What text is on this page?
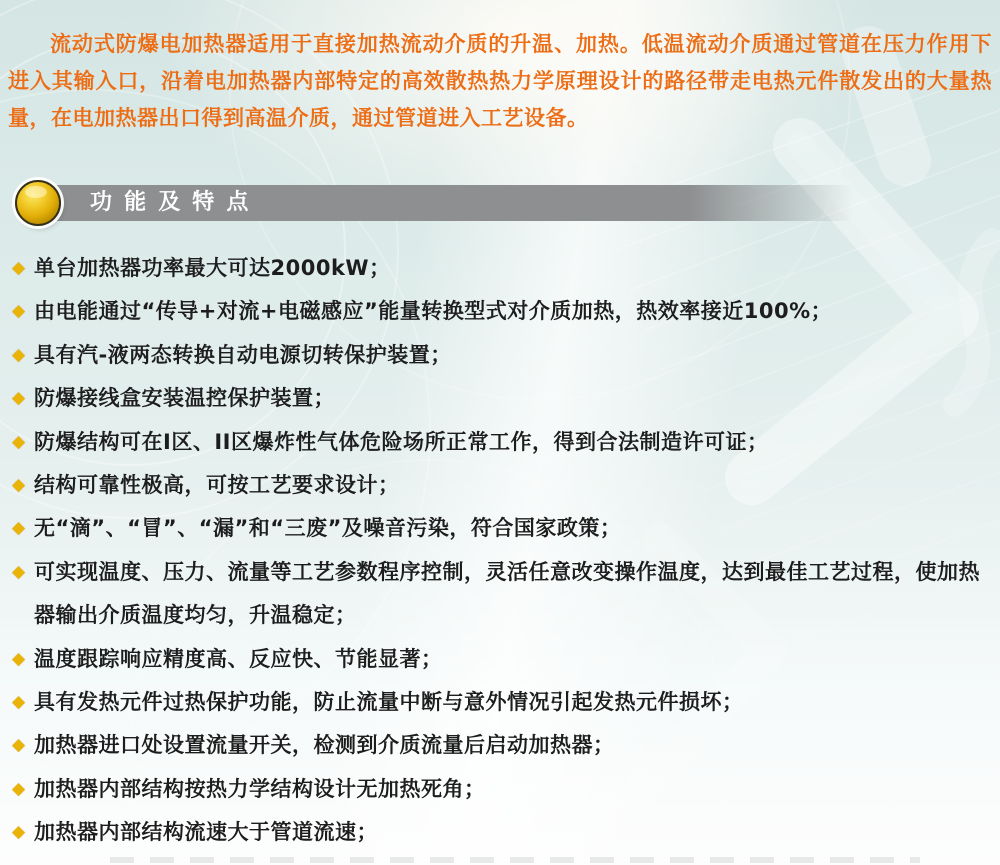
流动式防爆电加热器适用于直接加热流动介质的升温、加热。低温流动介质通过管道在压力作用下进入其输入口，沿着电加热器内部特定的高效散热热力学原理设计的路径带走电热元件散发出的大量热量，在电加热器出口得到高温介质，通过管道进入工艺设备。

功能及特点
◆ 单台加热器功率最大可达2000kW；
◆ 由电能通过“传导+对流+电磁感应”能量转换型式对介质加热，热效率接近100%；
◆ 具有汽-液两态转换自动电源切转保护装置；
◆ 防爆接线盒安装温控保护装置；
◆ 防爆结构可在I区、II区爆炸性气体危险场所正常工作，得到合法制造许可证；
◆ 结构可靠性极高，可按工艺要求设计；
◆ 无“滴”、“冒”、“漏”和“三废”及噪音污染，符合国家政策；
◆ 可实现温度、压力、流量等工艺参数程序控制，灵活任意改变操作温度，达到最佳工艺过程，使加热器输出介质温度均匀，升温稳定；
◆ 温度跟踪响应精度高、反应快、节能显著；
◆ 具有发热元件过热保护功能，防止流量中断与意外情况引起发热元件损坏；
◆ 加热器进口处设置流量开关，检测到介质流量后启动加热器；
◆ 加热器内部结构按热力学结构设计无加热死角；
◆ 加热器内部结构流速大于管道流速；
